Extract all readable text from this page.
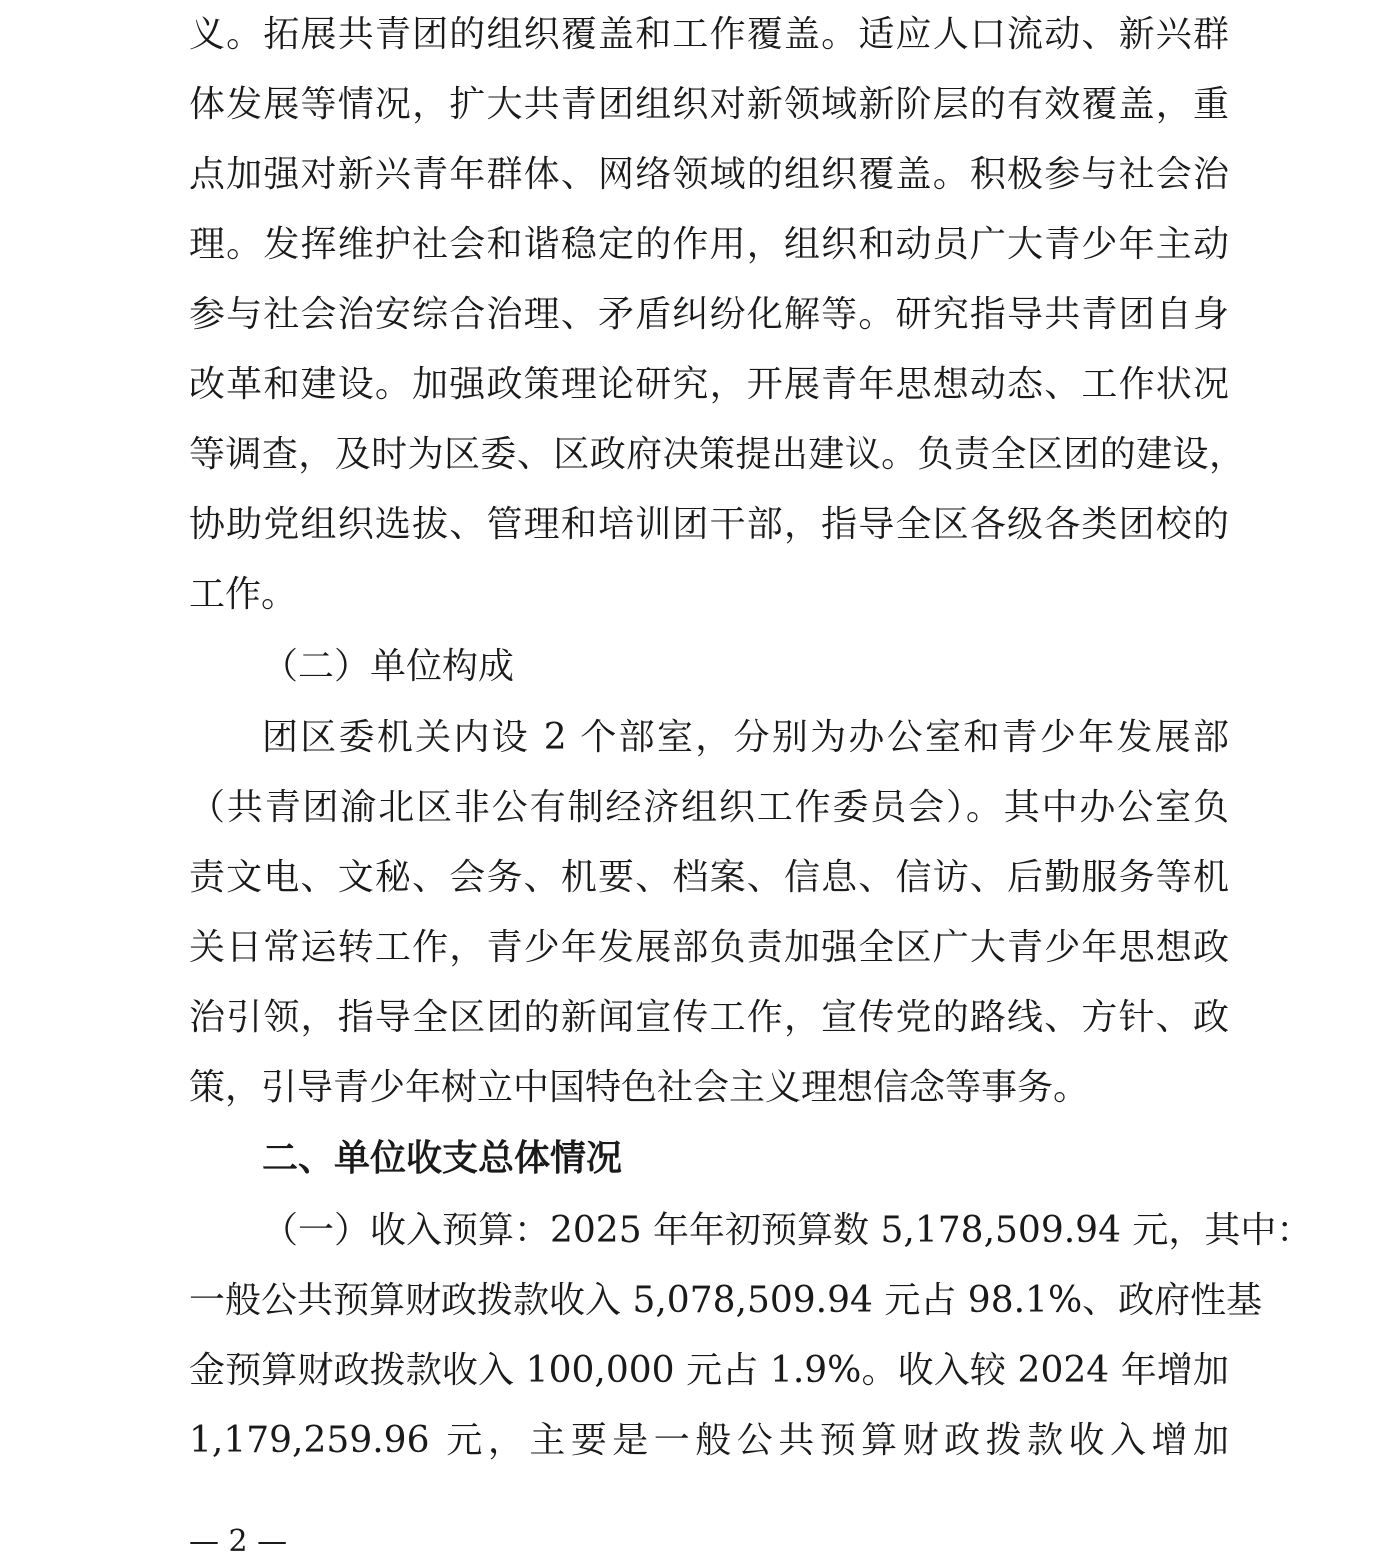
义。拓展共青团的组织覆盖和工作覆盖。适应人口流动、新兴群
体发展等情况，扩大共青团组织对新领域新阶层的有效覆盖，重
点加强对新兴青年群体、网络领域的组织覆盖。积极参与社会治
理。发挥维护社会和谐稳定的作用，组织和动员广大青少年主动
参与社会治安综合治理、矛盾纠纷化解等。研究指导共青团自身
改革和建设。加强政策理论研究，开展青年思想动态、工作状况
等调查，及时为区委、区政府决策提出建议。负责全区团的建设，
协助党组织选拔、管理和培训团干部，指导全区各级各类团校的
工作。
（二）单位构成
团区委机关内设 2 个部室，分别为办公室和青少年发展部
（共青团渝北区非公有制经济组织工作委员会）。其中办公室负
责文电、文秘、会务、机要、档案、信息、信访、后勤服务等机
关日常运转工作，青少年发展部负责加强全区广大青少年思想政
治引领，指导全区团的新闻宣传工作，宣传党的路线、方针、政
策，引导青少年树立中国特色社会主义理想信念等事务。
二、单位收支总体情况
（一）收入预算：2025 年年初预算数 5,178,509.94 元，其中：
一般公共预算财政拨款收入 5,078,509.94 元占 98.1%、政府性基
金预算财政拨款收入 100,000 元占 1.9%。收入较 2024 年增加
1,179,259.96 元，主要是一般公共预算财政拨款收入增加
— 2 —
